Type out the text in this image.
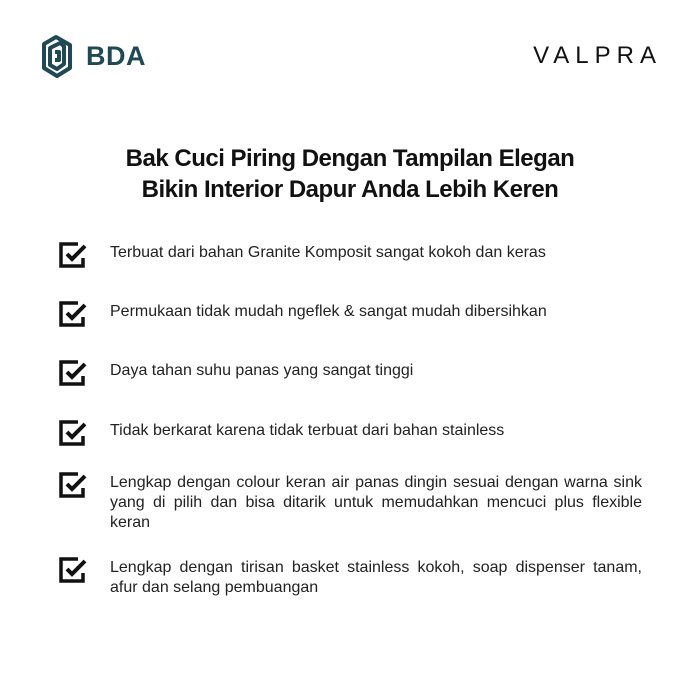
BDA	VALPRA
Bak Cuci Piring Dengan Tampilan Elegan
Bikin Interior Dapur Anda Lebih Keren
Terbuat dari bahan Granite Komposit sangat kokoh dan keras
Permukaan tidak mudah ngeflek & sangat mudah dibersihkan
Daya tahan suhu panas yang sangat tinggi
Tidak berkarat karena tidak terbuat dari bahan stainless
Lengkap dengan colour keran air panas dingin sesuai dengan warna sink yang di pilih dan bisa ditarik untuk memudahkan mencuci plus flexible keran
Lengkap dengan tirisan basket stainless kokoh, soap dispenser tanam, afur dan selang pembuangan
